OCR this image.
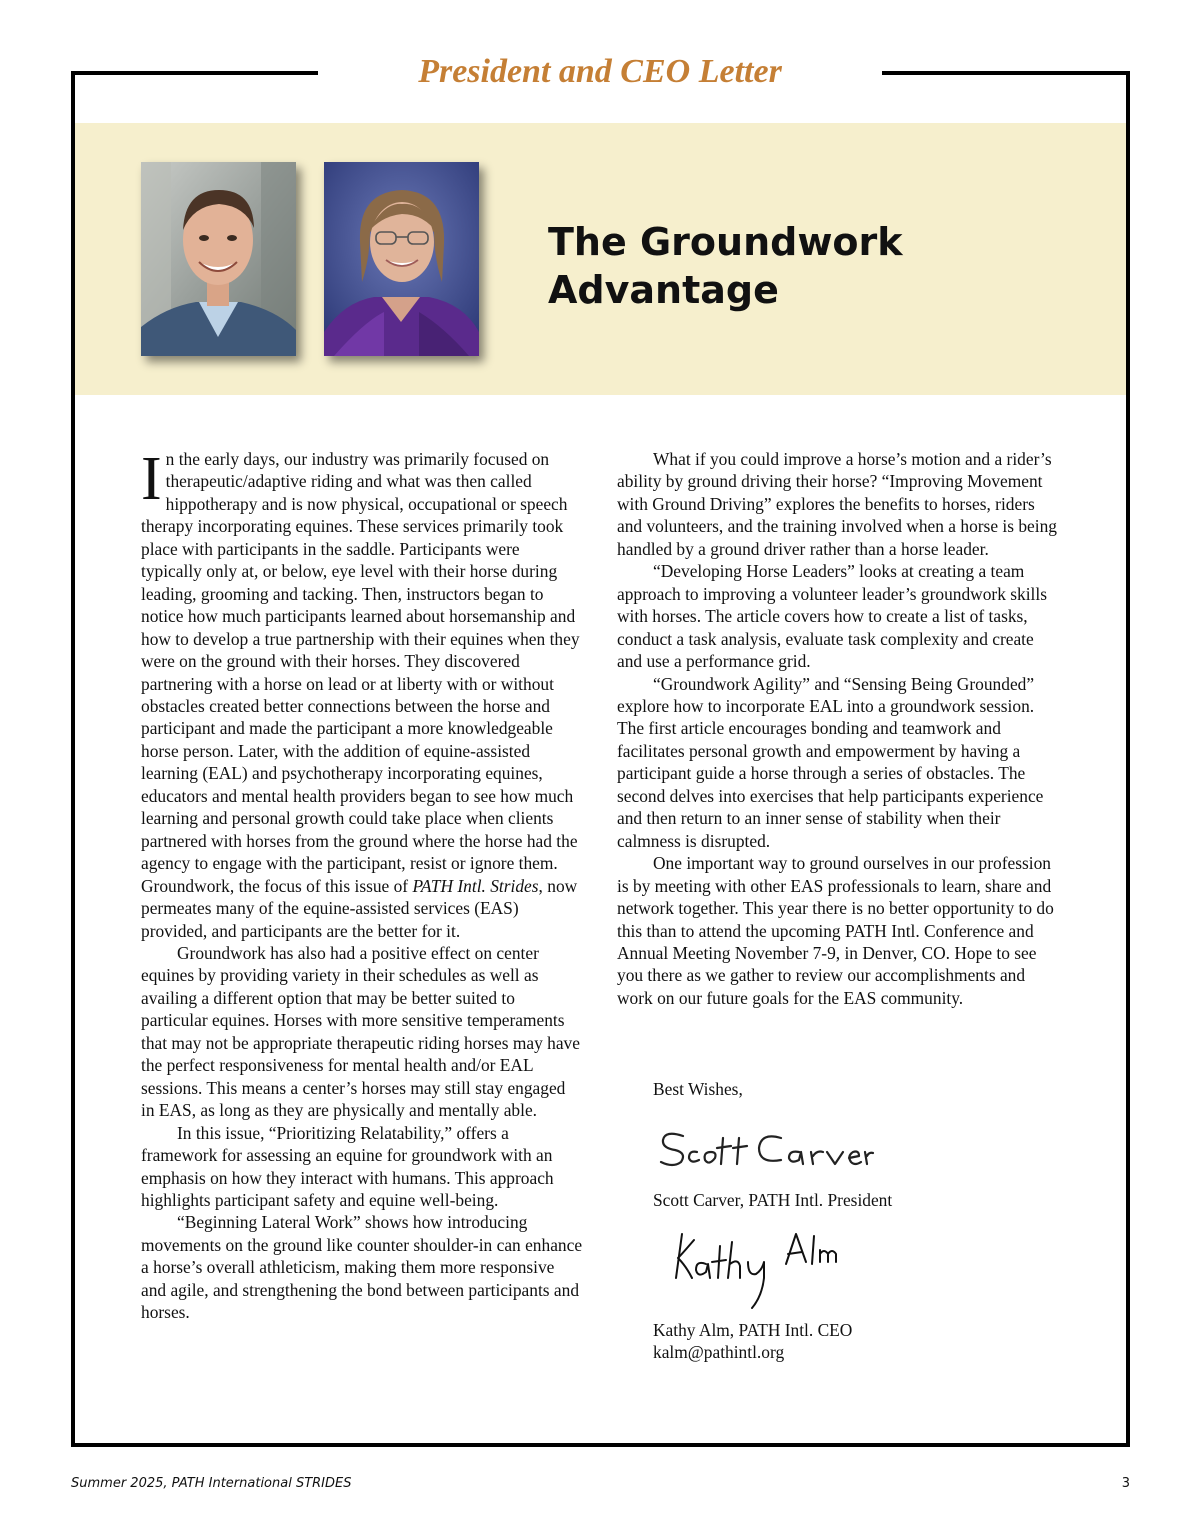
President and CEO Letter
The Groundwork
Advantage

In the early days, our industry was primarily focused on therapeutic/adaptive riding and what was then called hippotherapy and is now physical, occupational or speech therapy incorporating equines. These services primarily took place with participants in the saddle. Participants were typically only at, or below, eye level with their horse during leading, grooming and tacking. Then, instructors began to notice how much participants learned about horsemanship and how to develop a true partnership with their equines when they were on the ground with their horses. They discovered partnering with a horse on lead or at liberty with or without obstacles created better connections between the horse and participant and made the participant a more knowledgeable horse person. Later, with the addition of equine-assisted learning (EAL) and psychotherapy incorporating equines, educators and mental health providers began to see how much learning and personal growth could take place when clients partnered with horses from the ground where the horse had the agency to engage with the participant, resist or ignore them. Groundwork, the focus of this issue of PATH Intl. Strides, now permeates many of the equine-assisted services (EAS) provided, and participants are the better for it.

Groundwork has also had a positive effect on center equines by providing variety in their schedules as well as availing a different option that may be better suited to particular equines. Horses with more sensitive temperaments that may not be appropriate therapeutic riding horses may have the perfect responsiveness for mental health and/or EAL sessions. This means a center’s horses may still stay engaged in EAS, as long as they are physically and mentally able.

In this issue, “Prioritizing Relatability,” offers a framework for assessing an equine for groundwork with an emphasis on how they interact with humans. This approach highlights participant safety and equine well-being.

“Beginning Lateral Work” shows how introducing movements on the ground like counter shoulder-in can enhance a horse’s overall athleticism, making them more responsive and agile, and strengthening the bond between participants and horses.

What if you could improve a horse’s motion and a rider’s ability by ground driving their horse? “Improving Movement with Ground Driving” explores the benefits to horses, riders and volunteers, and the training involved when a horse is being handled by a ground driver rather than a horse leader.

“Developing Horse Leaders” looks at creating a team approach to improving a volunteer leader’s groundwork skills with horses. The article covers how to create a list of tasks, conduct a task analysis, evaluate task complexity and create and use a performance grid.

“Groundwork Agility” and “Sensing Being Grounded” explore how to incorporate EAL into a groundwork session. The first article encourages bonding and teamwork and facilitates personal growth and empowerment by having a participant guide a horse through a series of obstacles. The second delves into exercises that help participants experience and then return to an inner sense of stability when their calmness is disrupted.

One important way to ground ourselves in our profession is by meeting with other EAS professionals to learn, share and network together. This year there is no better opportunity to do this than to attend the upcoming PATH Intl. Conference and Annual Meeting November 7-9, in Denver, CO. Hope to see you there as we gather to review our accomplishments and work on our future goals for the EAS community.

Best Wishes,
Scott Carver, PATH Intl. President
Kathy Alm, PATH Intl. CEO
kalm@pathintl.org
Summer 2025, PATH International STRIDES	3
